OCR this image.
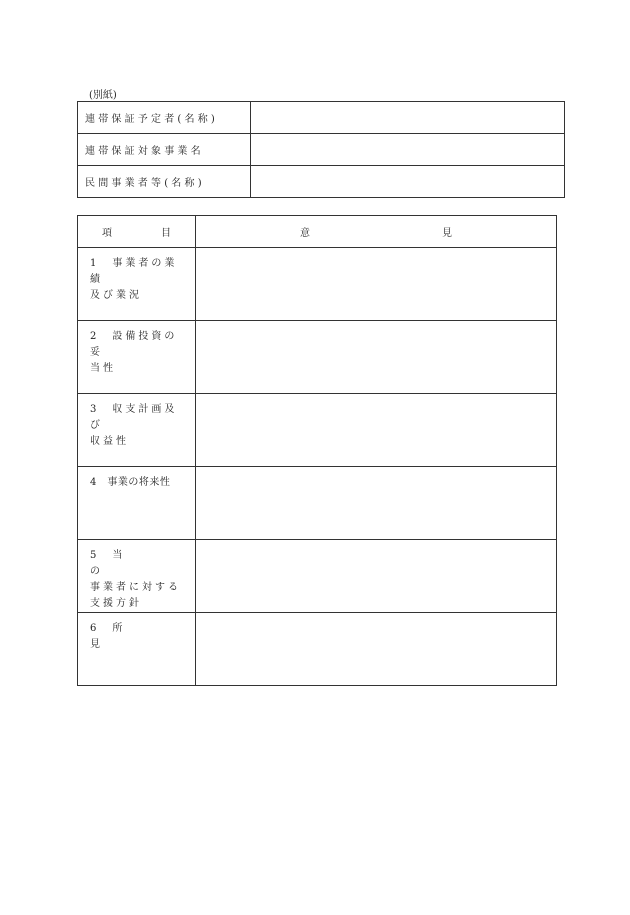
(別紙)
連帯保証予定者(名称)	
連帯保証対象事業名	
民間事業者等(名称)	
項 目	意 見

1　事業者の業績
及び業況	

2　設備投資の妥
当性	

3　収支計画及び
収益性	

4　事業の将来性	

5　当　　　　　の
事業者に対する
支援方針	

6　所　　　　　見	
